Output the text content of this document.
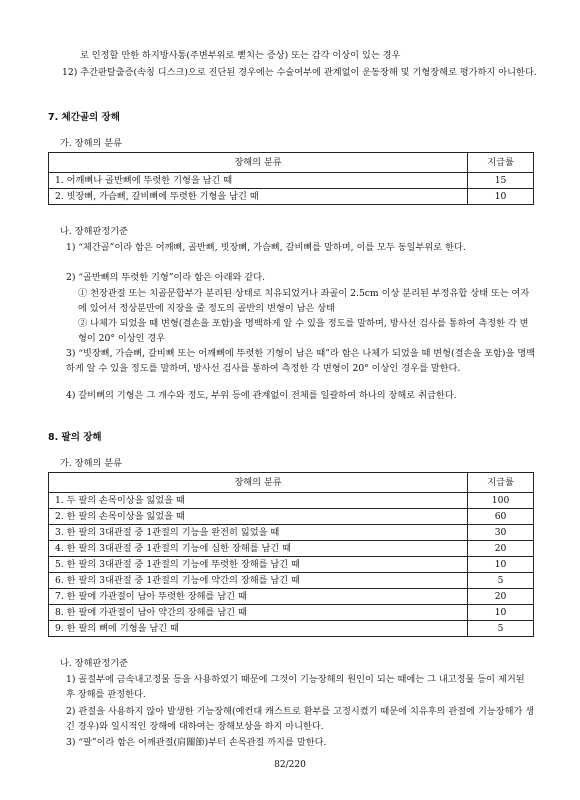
로 인정할 만한 하지방사통(주변부위로 뻗치는 증상) 또는 감각 이상이 있는 경우
12) 추간판탈출증(속칭 디스크)으로 진단된 경우에는 수술여부에 관계없이 운동장해 및 기형장해로 평가하지 아니한다.
7. 체간골의 장해
가. 장해의 분류
장해의 분류	지급률
1. 어깨뼈나 골반뼈에 뚜렷한 기형을 남긴 때	15
2. 빗장뼈, 가슴뼈, 갈비뼈에 뚜렷한 기형을 남긴 때	10
나. 장해판정기준
1) “체간골”이라 함은 어깨뼈, 골반뼈, 빗장뼈, 가슴뼈, 갈비뼈를 말하며, 이를 모두 동일부위로 한다.
2) “골반뼈의 뚜렷한 기형”이라 함은 아래와 같다.
① 천장관절 또는 치골문합부가 분리된 상태로 치유되었거나 좌골이 2.5cm 이상 분리된 부정유합 상태 또는 여자에 있어서 정상분만에 지장을 줄 정도의 골반의 변형이 남은 상태
② 나체가 되었을 때 변형(결손을 포함)을 명백하게 알 수 있을 정도를 말하며, 방사선 검사를 통하여 측정한 각 변형이 20° 이상인 경우
3) “빗장뼈, 가슴뼈, 갈비뼈 또는 어깨뼈에 뚜렷한 기형이 남은 때”라 함은 나체가 되었을 때 변형(결손을 포함)을 명백하게 알 수 있을 정도를 말하며, 방사선 검사를 통하여 측정한 각 변형이 20° 이상인 경우를 말한다.
4) 갈비뼈의 기형은 그 개수와 정도, 부위 등에 관계없이 전체를 일괄하여 하나의 장해로 취급한다.
8. 팔의 장해
가. 장해의 분류
장해의 분류	지급률
1. 두 팔의 손목이상을 잃었을 때	100
2. 한 팔의 손목이상을 잃었을 때	60
3. 한 팔의 3대관절 중 1관절의 기능을 완전히 잃었을 때	30
4. 한 팔의 3대관절 중 1관절의 기능에 심한 장해를 남긴 때	20
5. 한 팔의 3대관절 중 1관절의 기능에 뚜렷한 장해를 남긴 때	10
6. 한 팔의 3대관절 중 1관절의 기능에 약간의 장해를 남긴 때	5
7. 한 팔에 가관절이 남아 뚜렷한 장해를 남긴 때	20
8. 한 팔에 가관절이 남아 약간의 장해를 남긴 때	10
9. 한 팔의 뼈에 기형을 남긴 때	5
나. 장해판정기준
1) 골절부에 금속내고정물 등을 사용하였기 때문에 그것이 기능장해의 원인이 되는 때에는 그 내고정물 등이 제거된 후 장해를 판정한다.
2) 관절을 사용하지 않아 발생한 기능장해(예컨대 캐스트로 환부를 고정시켰기 때문에 치유후의 관절에 기능장해가 생긴 경우)와 일시적인 장해에 대하여는 장해보상을 하지 아니한다.
3) “팔”이라 함은 어깨관절(肩關節)부터 손목관절 까지를 말한다.
82/220
